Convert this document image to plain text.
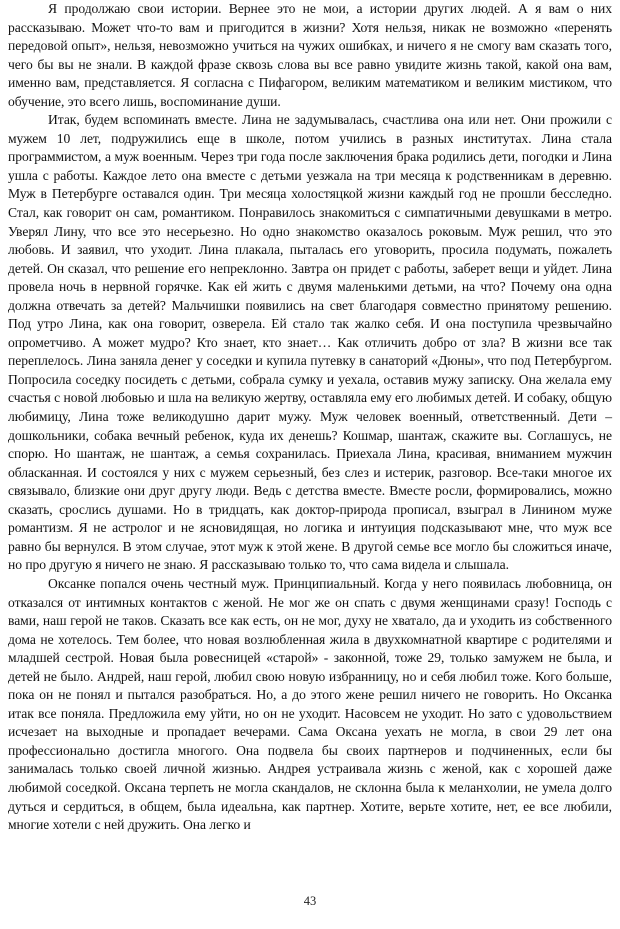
Я продолжаю свои истории. Вернее это не мои, а истории других людей. А я вам о них рассказываю. Может что-то вам и пригодится в жизни? Хотя нельзя, никак не возможно «перенять передовой опыт», нельзя, невозможно учиться на чужих ошибках, и ничего я не смогу вам сказать того, чего бы вы не знали. В каждой фразе сквозь слова вы все равно увидите жизнь такой, какой она вам, именно вам, представляется. Я согласна с Пифагором, великим математиком и великим мистиком, что обучение, это всего лишь, воспоминание души.

Итак, будем вспоминать вместе. Лина не задумывалась, счастлива она или нет. Они прожили с мужем 10 лет, подружились еще в школе, потом учились в разных институтах. Лина стала программистом, а муж военным. Через три года после заключения брака родились дети, погодки и Лина ушла с работы. Каждое лето она вместе с детьми уезжала на три месяца к родственникам в деревню. Муж в Петербурге оставался один. Три месяца холостяцкой жизни каждый год не прошли бесследно. Стал, как говорит он сам, романтиком. Понравилось знакомиться с симпатичными девушками в метро. Уверял Лину, что все это несерьезно. Но одно знакомство оказалось роковым. Муж решил, что это любовь. И заявил, что уходит. Лина плакала, пыталась его уговорить, просила подумать, пожалеть детей. Он сказал, что решение его непреклонно. Завтра он придет с работы, заберет вещи и уйдет. Лина провела ночь в нервной горячке. Как ей жить с двумя маленькими детьми, на что? Почему она одна должна отвечать за детей? Мальчишки появились на свет благодаря совместно принятому решению. Под утро Лина, как она говорит, озверела. Ей стало так жалко себя. И она поступила чрезвычайно опрометчиво. А может мудро? Кто знает, кто знает… Как отличить добро от зла? В жизни все так переплелось. Лина заняла денег у соседки и купила путевку в санаторий «Дюны», что под Петербургом. Попросила соседку посидеть с детьми, собрала сумку и уехала, оставив мужу записку. Она желала ему счастья с новой любовью и шла на великую жертву, оставляла ему его любимых детей. И собаку, общую любимицу, Лина тоже великодушно дарит мужу. Муж человек военный, ответственный. Дети – дошкольники, собака вечный ребенок, куда их денешь? Кошмар, шантаж, скажите вы. Соглашусь, не спорю. Но шантаж, не шантаж, а семья сохранилась. Приехала Лина, красивая, вниманием мужчин обласканная. И состоялся у них с мужем серьезный, без слез и истерик, разговор. Все-таки многое их связывало, близкие они друг другу люди. Ведь с детства вместе. Вместе росли, формировались, можно сказать, срослись душами. Но в тридцать, как доктор-природа прописал, взыграл в Линином муже романтизм. Я не астролог и не ясновидящая, но логика и интуиция подсказывают мне, что муж все равно бы вернулся. В этом случае, этот муж к этой жене. В другой семье все могло бы сложиться иначе, но про другую я ничего не знаю. Я рассказываю только то, что сама видела и слышала.

Оксанке попался очень честный муж. Принципиальный. Когда у него появилась любовница, он отказался от интимных контактов с женой. Не мог же он спать с двумя женщинами сразу! Господь с вами, наш герой не таков. Сказать все как есть, он не мог, духу не хватало, да и уходить из собственного дома не хотелось. Тем более, что новая возлюбленная жила в двухкомнатной квартире с родителями и младшей сестрой. Новая была ровесницей «старой» - законной, тоже 29, только замужем не была, и детей не было. Андрей, наш герой, любил свою новую избранницу, но и себя любил тоже. Кого больше, пока он не понял и пытался разобраться. Но, а до этого жене решил ничего не говорить. Но Оксанка итак все поняла. Предложила ему уйти, но он не уходит. Насовсем не уходит. Но зато с удовольствием исчезает на выходные и пропадает вечерами. Сама Оксана уехать не могла, в свои 29 лет она профессионально достигла многого. Она подвела бы своих партнеров и подчиненных, если бы занималась только своей личной жизнью. Андрея устраивала жизнь с женой, как с хорошей даже любимой соседкой. Оксана терпеть не могла скандалов, не склонна была к меланхолии, не умела долго дуться и сердиться, в общем, была идеальна, как партнер. Хотите, верьте хотите, нет, ее все любили, многие хотели с ней дружить. Она легко и

43
